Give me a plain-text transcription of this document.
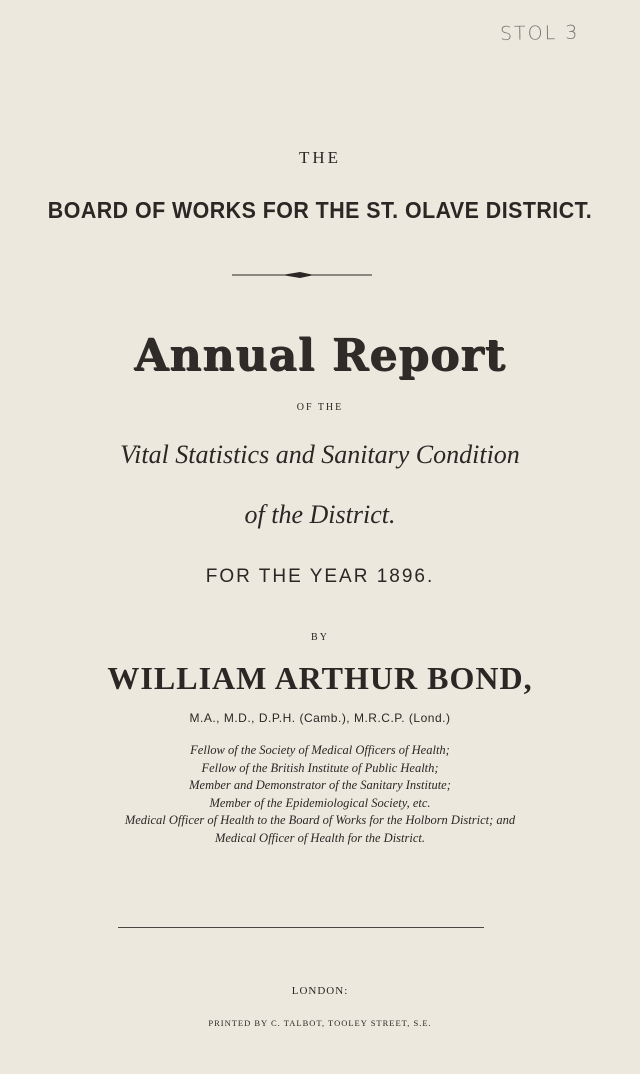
STOL 3
THE
BOARD OF WORKS FOR THE ST. OLAVE DISTRICT.
Annual Report
OF THE
Vital Statistics and Sanitary Condition
of the District.
FOR THE YEAR 1896.
BY
WILLIAM ARTHUR BOND,
M.A., M.D., D.P.H. (Camb.), M.R.C.P. (Lond.)
Fellow of the Society of Medical Officers of Health;
Fellow of the British Institute of Public Health;
Member and Demonstrator of the Sanitary Institute;
Member of the Epidemiological Society, etc.
Medical Officer of Health to the Board of Works for the Holborn District; and
Medical Officer of Health for the District.
LONDON:
PRINTED BY C. TALBOT, TOOLEY STREET, S.E.
